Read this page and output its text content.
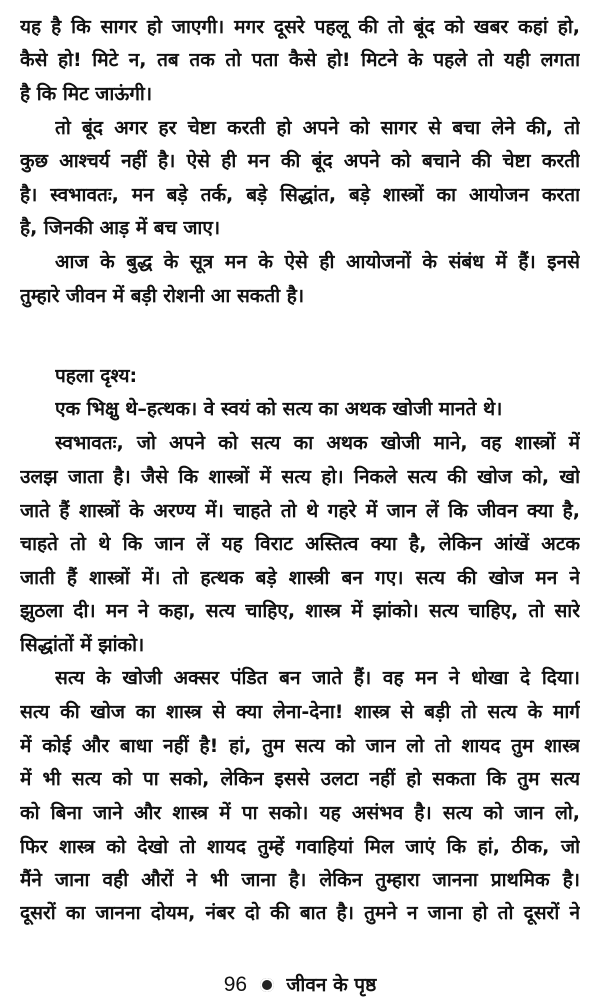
यह है कि सागर हो जाएगी। मगर दूसरे पहलू की तो बूंद को खबर कहां हो,
कैसे हो! मिटे न, तब तक तो पता कैसे हो! मिटने के पहले तो यही लगता
है कि मिट जाऊंगी।
तो बूंद अगर हर चेष्टा करती हो अपने को सागर से बचा लेने की, तो
कुछ आश्चर्य नहीं है। ऐसे ही मन की बूंद अपने को बचाने की चेष्टा करती
है। स्वभावतः, मन बड़े तर्क, बड़े सिद्धांत, बड़े शास्त्रों का आयोजन करता
है, जिनकी आड़ में बच जाए।
आज के बुद्ध के सूत्र मन के ऐसे ही आयोजनों के संबंध में हैं। इनसे
तुम्हारे जीवन में बड़ी रोशनी आ सकती है।
पहला दृश्य:
एक भिक्षु थे–हत्थक। वे स्वयं को सत्य का अथक खोजी मानते थे।
स्वभावतः, जो अपने को सत्य का अथक खोजी माने, वह शास्त्रों में
उलझ जाता है। जैसे कि शास्त्रों में सत्य हो। निकले सत्य की खोज को, खो
जाते हैं शास्त्रों के अरण्य में। चाहते तो थे गहरे में जान लें कि जीवन क्या है,
चाहते तो थे कि जान लें यह विराट अस्तित्व क्या है, लेकिन आंखें अटक
जाती हैं शास्त्रों में। तो हत्थक बड़े शास्त्री बन गए। सत्य की खोज मन ने
झुठला दी। मन ने कहा, सत्य चाहिए, शास्त्र में झांको। सत्य चाहिए, तो सारे
सिद्धांतों में झांको।
सत्य के खोजी अक्सर पंडित बन जाते हैं। वह मन ने धोखा दे दिया।
सत्य की खोज का शास्त्र से क्या लेना-देना! शास्त्र से बड़ी तो सत्य के मार्ग
में कोई और बाधा नहीं है! हां, तुम सत्य को जान लो तो शायद तुम शास्त्र
में भी सत्य को पा सको, लेकिन इससे उलटा नहीं हो सकता कि तुम सत्य
को बिना जाने और शास्त्र में पा सको। यह असंभव है। सत्य को जान लो,
फिर शास्त्र को देखो तो शायद तुम्हें गवाहियां मिल जाएं कि हां, ठीक, जो
मैंने जाना वही औरों ने भी जाना है। लेकिन तुम्हारा जानना प्राथमिक है।
दूसरों का जानना दोयम, नंबर दो की बात है। तुमने न जाना हो तो दूसरों ने
96 जीवन के पृष्ठ
